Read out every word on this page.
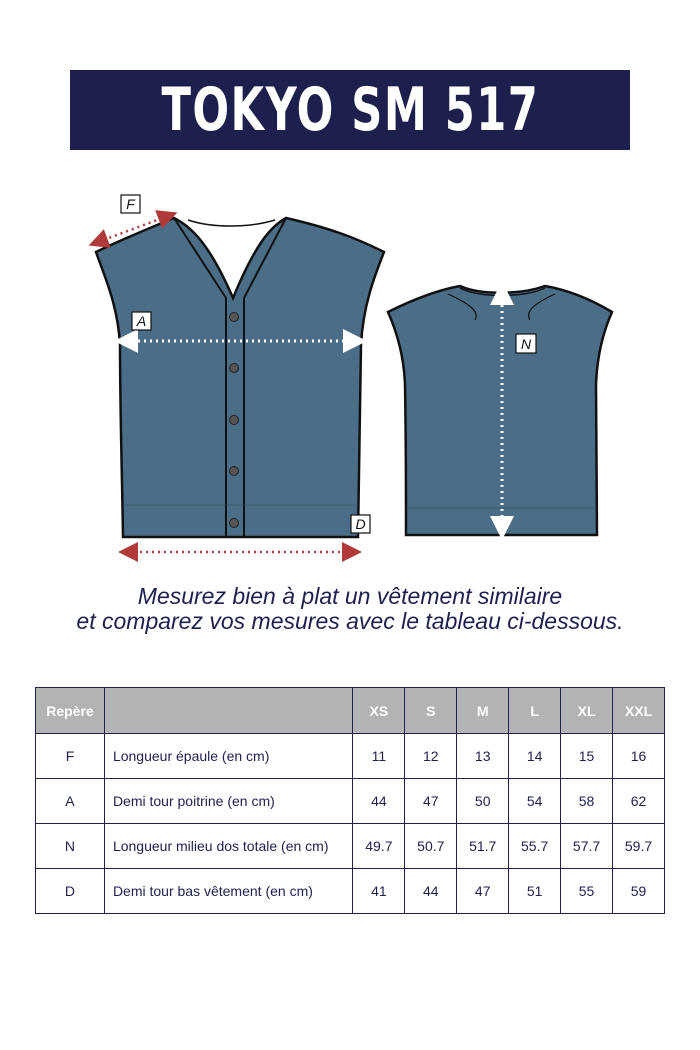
TOKYO SM 517
F
A
N
D
Mesurez bien à plat un vêtement similaire
et comparez vos mesures avec le tableau ci-dessous.
Repère		XS	S	M	L	XL	XXL
F	Longueur épaule (en cm)	11	12	13	14	15	16
A	Demi tour poitrine (en cm)	44	47	50	54	58	62
N	Longueur milieu dos totale (en cm)	49.7	50.7	51.7	55.7	57.7	59.7
D	Demi tour bas vêtement (en cm)	41	44	47	51	55	59
